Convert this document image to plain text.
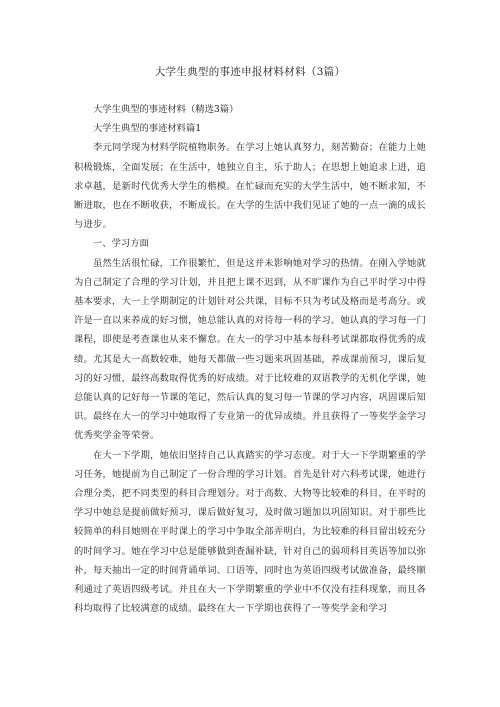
大学生典型的事迹申报材料材料（3篇）
大学生典型的事迹材料（精选3篇）
大学生典型的事迹材料篇1

李元同学现为材料学院植物职务。在学习上她认真努力，刻苦勤奋；在能力上她积极锻炼，全面发展；在生活中，她独立自主，乐于助人；在思想上她追求上进，追求卓越，是新时代优秀大学生的楷模。在忙碌而充实的大学生活中，她不断求知，不断进取，也在不断收获，不断成长。在大学的生活中我们见证了她的一点一滴的成长与进步。

一、学习方面

虽然生活很忙碌，工作很繁忙，但是这并未影响她对学习的热情。在刚入学她就为自己制定了合理的学习计划，并且把上课不迟到，从不旷课作为自己平时学习中得基本要求，大一上学期制定的计划针对公共课，目标不只为考试及格而是考高分。或许是一直以来养成的好习惯，她总能认真的对待每一科的学习。她认真的学习每一门课程，即使是考查课也从来不懈怠。在大一的学习中基本每科考试课都取得优秀的成绩。尤其是大一高数较难，她每天都做一些习题来巩固基础，养成课前预习，课后复习的好习惯，最终高数取得优秀的好成绩。对于比较难的双语教学的无机化学课，她总能认真的记好每一节课的笔记，然后认真的复习每一节课的学习内容，巩固课后知识。最终在大一的学习中她取得了专业第一的优异成绩。并且获得了一等奖学金学习优秀奖学金等荣誉。

在大一下学期，她依旧坚持自己认真踏实的学习态度。对于大一下学期繁重的学习任务，她提前为自己制定了一份合理的学习计划。首先是针对六科考试课，她进行合理分类，把不同类型的科目合理划分。对于高数、大物等比较难的科目，在平时的学习中她总是提前做好预习，课后做好复习，及时做习题加以巩固知识。对于那些比较简单的科目她则在平时课上的学习中争取全部弄明白，为比较难的科目留出较充分的时间学习。她在学习中总是能够做到查漏补缺，针对自己的弱项科目英语等加以弥补，每天抽出一定的时间背诵单词、口语等，同时也为英语四级考试做准备，最终顺利通过了英语四级考试。并且在大一下学期繁重的学业中不仅没有挂科现象，而且各科均取得了比较满意的成绩。最终在大一下学期也获得了一等奖学金和学习
